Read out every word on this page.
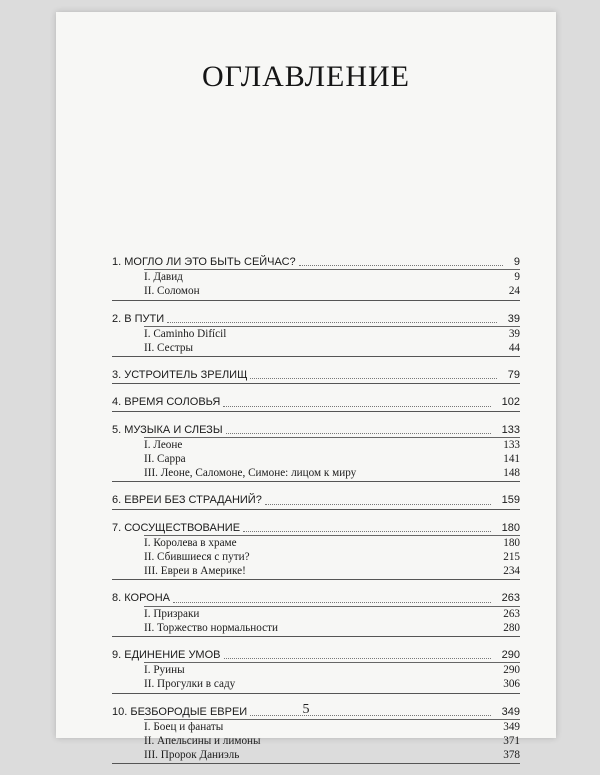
ОГЛАВЛЕНИЕ
1. МОГЛО ЛИ ЭТО БЫТЬ СЕЙЧАС?	9
I. Давид	9
II. Соломон	24
2. В ПУТИ	39
I. Caminho Difícil	39
II. Сестры	44
3. УСТРОИТЕЛЬ ЗРЕЛИЩ	79
4. ВРЕМЯ СОЛОВЬЯ	102
5. МУЗЫКА И СЛЕЗЫ	133
I. Леоне	133
II. Сарра	141
III. Леоне, Саломоне, Симоне: лицом к миру	148
6. ЕВРЕИ БЕЗ СТРАДАНИЙ?	159
7. СОСУЩЕСТВОВАНИЕ	180
I. Королева в храме	180
II. Сбившиеся с пути?	215
III. Евреи в Америке!	234
8. КОРОНА	263
I. Призраки	263
II. Торжество нормальности	280
9. ЕДИНЕНИЕ УМОВ	290
I. Руины	290
II. Прогулки в саду	306
10. БЕЗБОРОДЫЕ ЕВРЕИ	349
I. Боец и фанаты	349
II. Апельсины и лимоны	371
III. Пророк Даниэль	378
5
